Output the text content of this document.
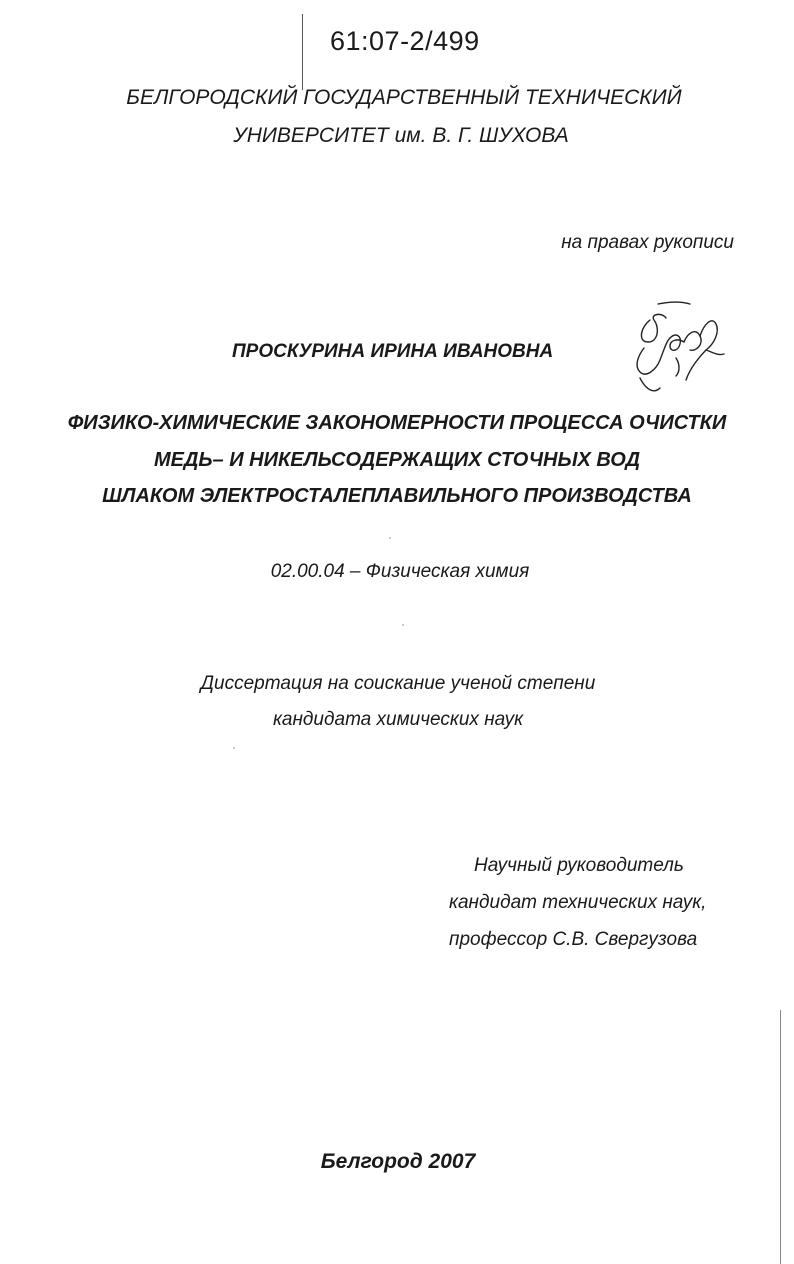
61:07-2/499
БЕЛГОРОДСКИЙ ГОСУДАРСТВЕННЫЙ ТЕХНИЧЕСКИЙ
УНИВЕРСИТЕТ им. В. Г. ШУХОВА
на правах рукописи
ПРОСКУРИНА ИРИНА ИВАНОВНА
ФИЗИКО-ХИМИЧЕСКИЕ ЗАКОНОМЕРНОСТИ ПРОЦЕССА ОЧИСТКИ
МЕДЬ– И НИКЕЛЬСОДЕРЖАЩИХ СТОЧНЫХ ВОД
ШЛАКОМ ЭЛЕКТРОСТАЛЕПЛАВИЛЬНОГО ПРОИЗВОДСТВА
02.00.04 – Физическая химия
Диссертация на соискание ученой степени
кандидата химических наук
Научный руководитель
кандидат технических наук,
профессор С.В. Свергузова
Белгород 2007
